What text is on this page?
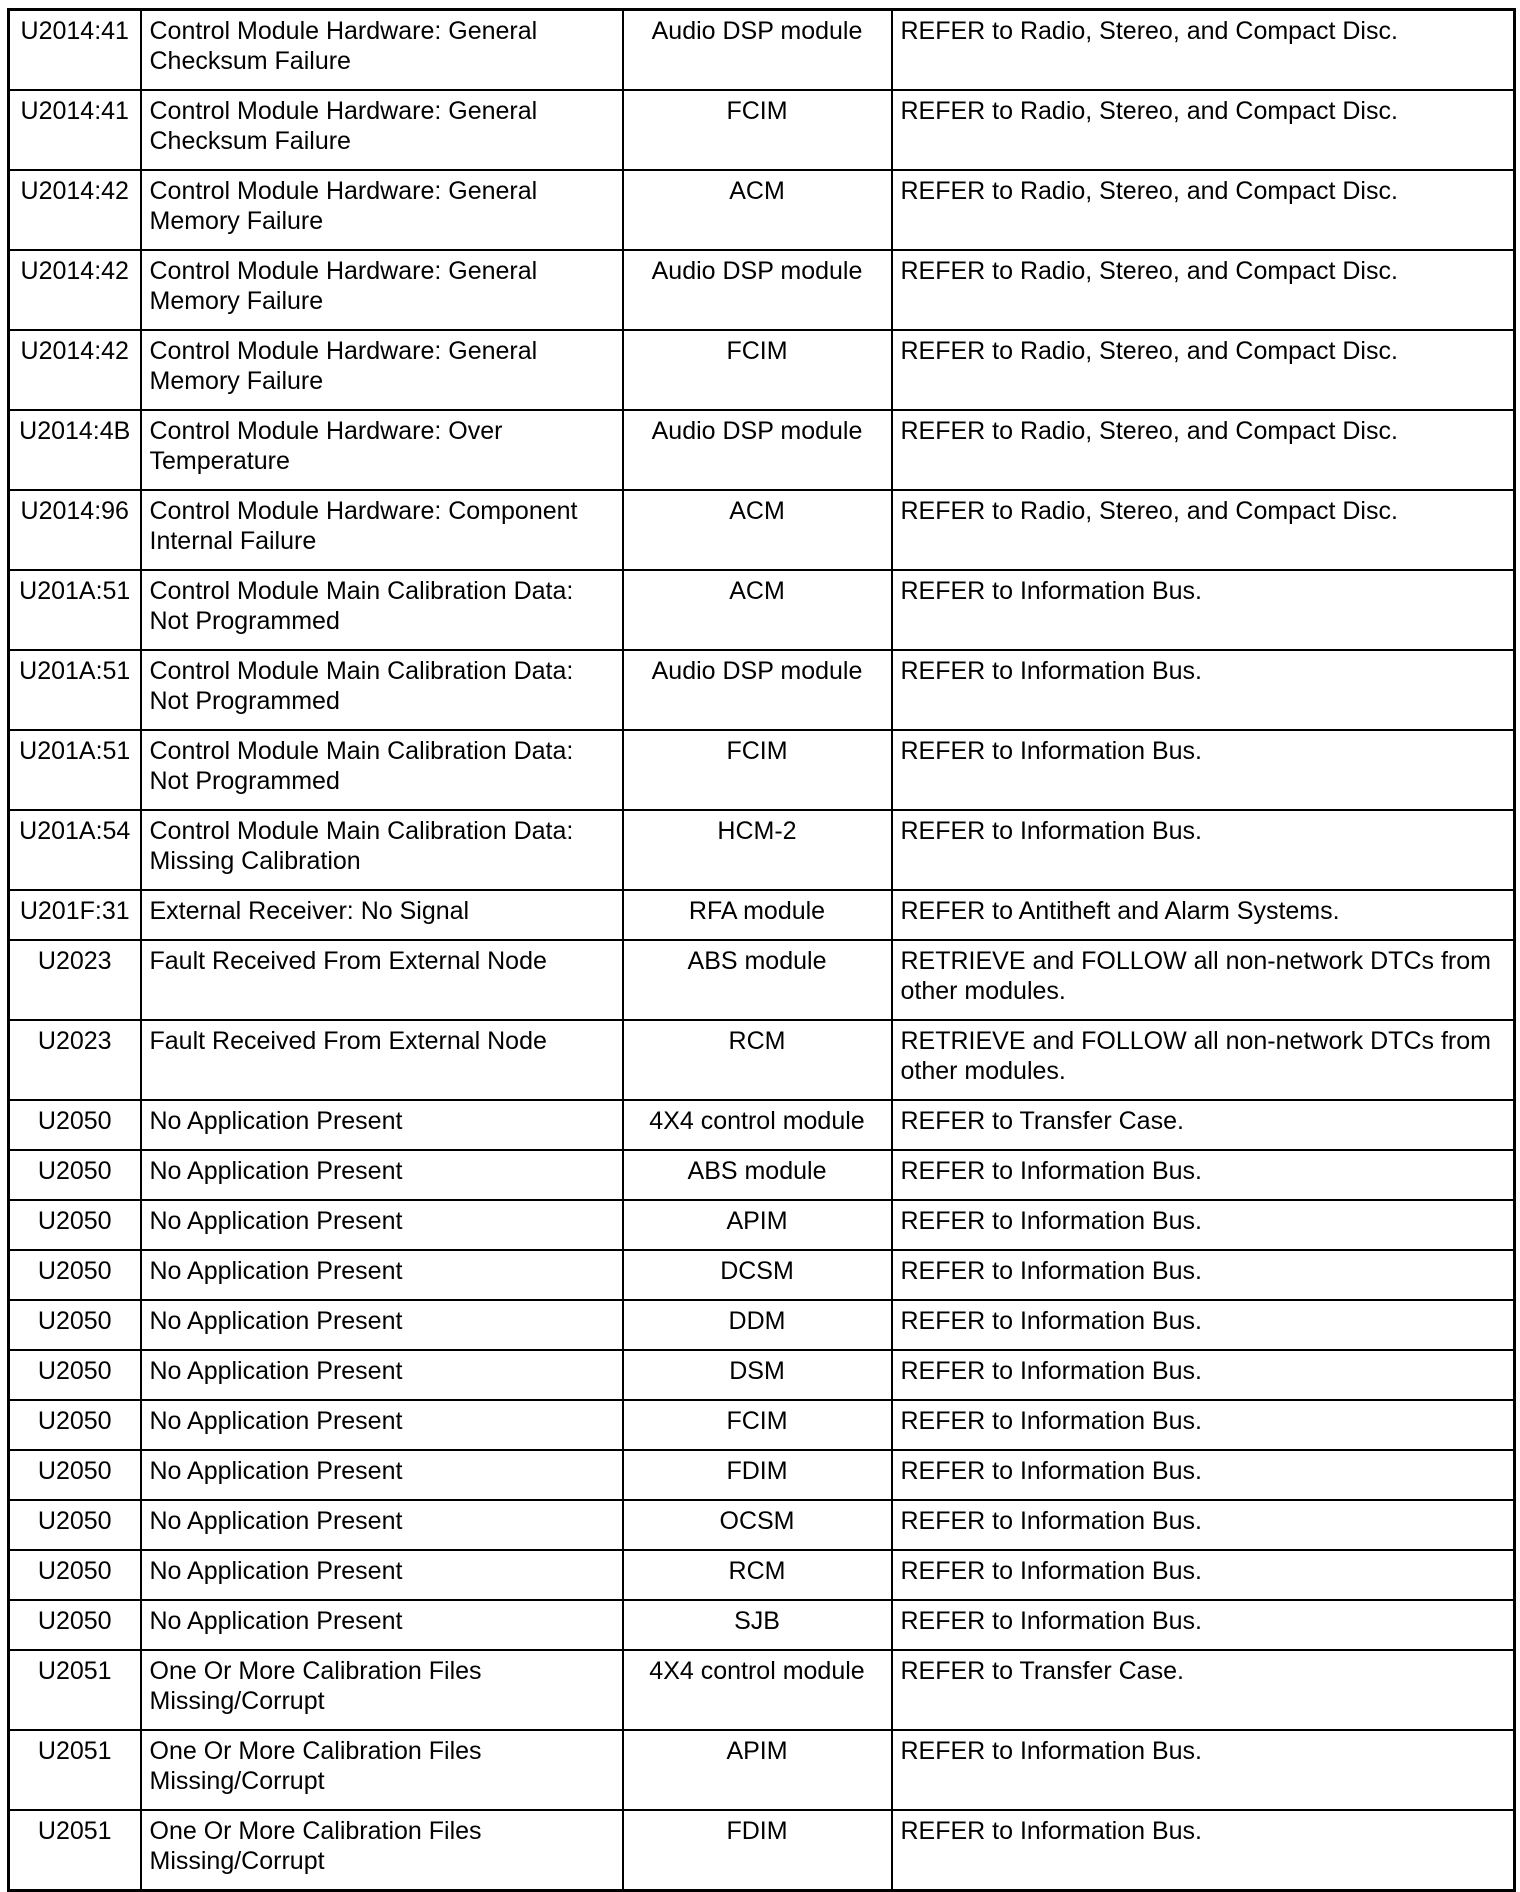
U2014:41	Control Module Hardware: General Checksum Failure	Audio DSP module	REFER to Radio, Stereo, and Compact Disc.
U2014:41	Control Module Hardware: General Checksum Failure	FCIM	REFER to Radio, Stereo, and Compact Disc.
U2014:42	Control Module Hardware: General Memory Failure	ACM	REFER to Radio, Stereo, and Compact Disc.
U2014:42	Control Module Hardware: General Memory Failure	Audio DSP module	REFER to Radio, Stereo, and Compact Disc.
U2014:42	Control Module Hardware: General Memory Failure	FCIM	REFER to Radio, Stereo, and Compact Disc.
U2014:4B	Control Module Hardware: Over Temperature	Audio DSP module	REFER to Radio, Stereo, and Compact Disc.
U2014:96	Control Module Hardware: Component Internal Failure	ACM	REFER to Radio, Stereo, and Compact Disc.
U201A:51	Control Module Main Calibration Data: Not Programmed	ACM	REFER to Information Bus.
U201A:51	Control Module Main Calibration Data: Not Programmed	Audio DSP module	REFER to Information Bus.
U201A:51	Control Module Main Calibration Data: Not Programmed	FCIM	REFER to Information Bus.
U201A:54	Control Module Main Calibration Data: Missing Calibration	HCM-2	REFER to Information Bus.
U201F:31	External Receiver: No Signal	RFA module	REFER to Antitheft and Alarm Systems.
U2023	Fault Received From External Node	ABS module	RETRIEVE and FOLLOW all non-network DTCs from other modules.
U2023	Fault Received From External Node	RCM	RETRIEVE and FOLLOW all non-network DTCs from other modules.
U2050	No Application Present	4X4 control module	REFER to Transfer Case.
U2050	No Application Present	ABS module	REFER to Information Bus.
U2050	No Application Present	APIM	REFER to Information Bus.
U2050	No Application Present	DCSM	REFER to Information Bus.
U2050	No Application Present	DDM	REFER to Information Bus.
U2050	No Application Present	DSM	REFER to Information Bus.
U2050	No Application Present	FCIM	REFER to Information Bus.
U2050	No Application Present	FDIM	REFER to Information Bus.
U2050	No Application Present	OCSM	REFER to Information Bus.
U2050	No Application Present	RCM	REFER to Information Bus.
U2050	No Application Present	SJB	REFER to Information Bus.
U2051	One Or More Calibration Files Missing/Corrupt	4X4 control module	REFER to Transfer Case.
U2051	One Or More Calibration Files Missing/Corrupt	APIM	REFER to Information Bus.
U2051	One Or More Calibration Files Missing/Corrupt	FDIM	REFER to Information Bus.
